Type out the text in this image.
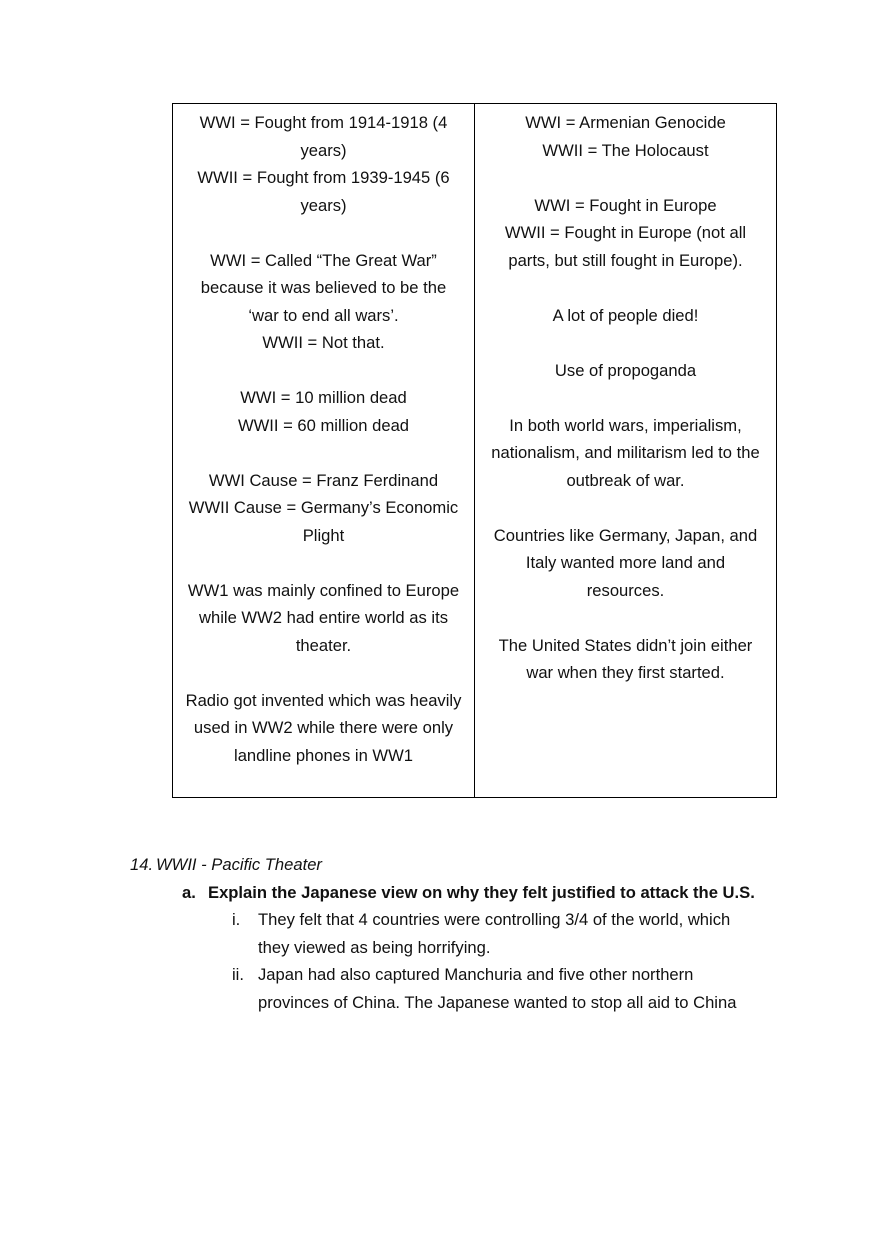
WWI = Fought from 1914-1918 (4
years)
WWII = Fought from 1939-1945 (6
years)
WWI = Called “The Great War”
because it was believed to be the
‘war to end all wars’.
WWII = Not that.
WWI = 10 million dead
WWII = 60 million dead
WWI Cause = Franz Ferdinand
WWII Cause = Germany’s Economic
Plight
WW1 was mainly confined to Europe
while WW2 had entire world as its
theater.
Radio got invented which was heavily
used in WW2 while there were only
landline phones in WW1
WWI = Armenian Genocide
WWII = The Holocaust
WWI = Fought in Europe
WWII = Fought in Europe (not all
parts, but still fought in Europe).
A lot of people died!
Use of propoganda
In both world wars, imperialism,
nationalism, and militarism led to the
outbreak of war.
Countries like Germany, Japan, and
Italy wanted more land and
resources.
The United States didn’t join either
war when they first started.
14. WWII - Pacific Theater
a. Explain the Japanese view on why they felt justified to attack the U.S.
i.	They felt that 4 countries were controlling 3/4 of the world, which
they viewed as being horrifying.
ii. Japan had also captured Manchuria and five other northern
provinces of China. The Japanese wanted to stop all aid to China
